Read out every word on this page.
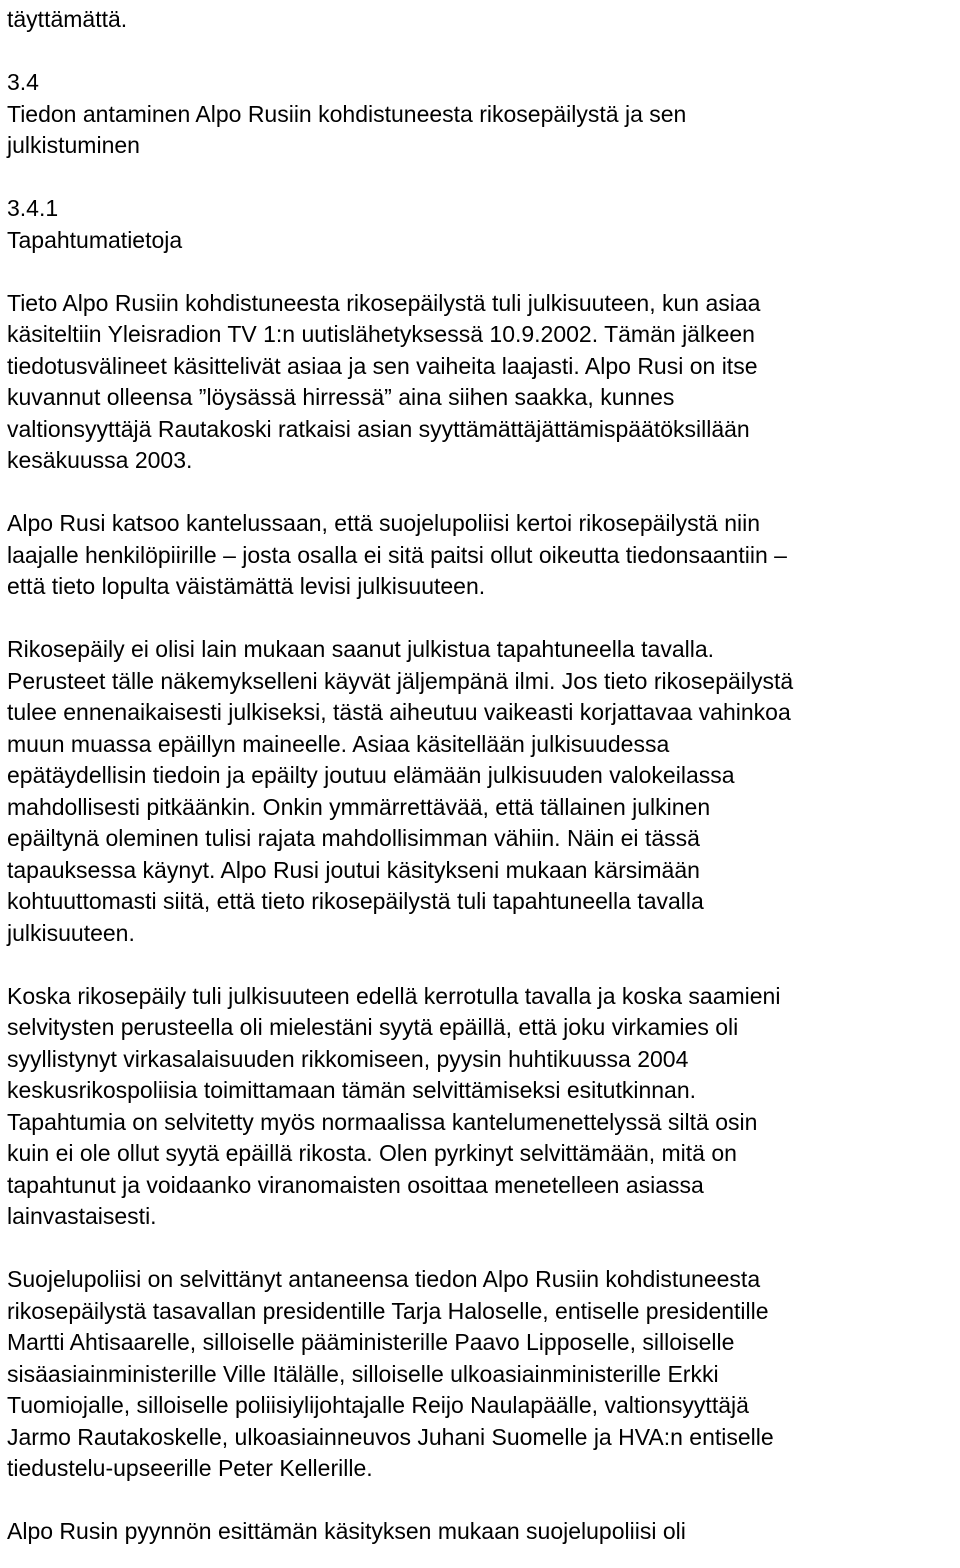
täyttämättä.
3.4
Tiedon antaminen Alpo Rusiin kohdistuneesta rikosepäilystä ja sen
julkistuminen
3.4.1
Tapahtumatietoja
Tieto Alpo Rusiin kohdistuneesta rikosepäilystä tuli julkisuuteen, kun asiaa
käsiteltiin Yleisradion TV 1:n uutislähetyksessä 10.9.2002. Tämän jälkeen
tiedotusvälineet käsittelivät asiaa ja sen vaiheita laajasti. Alpo Rusi on itse
kuvannut olleensa ”löysässä hirressä” aina siihen saakka, kunnes
valtionsyyttäjä Rautakoski ratkaisi asian syyttämättäjättämispäätöksillään
kesäkuussa 2003.
Alpo Rusi katsoo kantelussaan, että suojelupoliisi kertoi rikosepäilystä niin
laajalle henkilöpiirille – josta osalla ei sitä paitsi ollut oikeutta tiedonsaantiin –
että tieto lopulta väistämättä levisi julkisuuteen.
Rikosepäily ei olisi lain mukaan saanut julkistua tapahtuneella tavalla.
Perusteet tälle näkemykselleni käyvät jäljempänä ilmi. Jos tieto rikosepäilystä
tulee ennenaikaisesti julkiseksi, tästä aiheutuu vaikeasti korjattavaa vahinkoa
muun muassa epäillyn maineelle. Asiaa käsitellään julkisuudessa
epätäydellisin tiedoin ja epäilty joutuu elämään julkisuuden valokeilassa
mahdollisesti pitkäänkin. Onkin ymmärrettävää, että tällainen julkinen
epäiltynä oleminen tulisi rajata mahdollisimman vähiin. Näin ei tässä
tapauksessa käynyt. Alpo Rusi joutui käsitykseni mukaan kärsimään
kohtuuttomasti siitä, että tieto rikosepäilystä tuli tapahtuneella tavalla
julkisuuteen.
Koska rikosepäily tuli julkisuuteen edellä kerrotulla tavalla ja koska saamieni
selvitysten perusteella oli mielestäni syytä epäillä, että joku virkamies oli
syyllistynyt virkasalaisuuden rikkomiseen, pyysin huhtikuussa 2004
keskusrikospoliisia toimittamaan tämän selvittämiseksi esitutkinnan.
Tapahtumia on selvitetty myös normaalissa kantelumenettelyssä siltä osin
kuin ei ole ollut syytä epäillä rikosta. Olen pyrkinyt selvittämään, mitä on
tapahtunut ja voidaanko viranomaisten osoittaa menetelleen asiassa
lainvastaisesti.
Suojelupoliisi on selvittänyt antaneensa tiedon Alpo Rusiin kohdistuneesta
rikosepäilystä tasavallan presidentille Tarja Haloselle, entiselle presidentille
Martti Ahtisaarelle, silloiselle pääministerille Paavo Lipposelle, silloiselle
sisäasiainministerille Ville Itälälle, silloiselle ulkoasiainministerille Erkki
Tuomiojalle, silloiselle poliisiylijohtajalle Reijo Naulapäälle, valtionsyyttäjä
Jarmo Rautakoskelle, ulkoasiainneuvos Juhani Suomelle ja HVA:n entiselle
tiedustelu-upseerille Peter Kellerille.
Alpo Rusin pyynnön esittämän käsityksen mukaan suojelupoliisi oli
